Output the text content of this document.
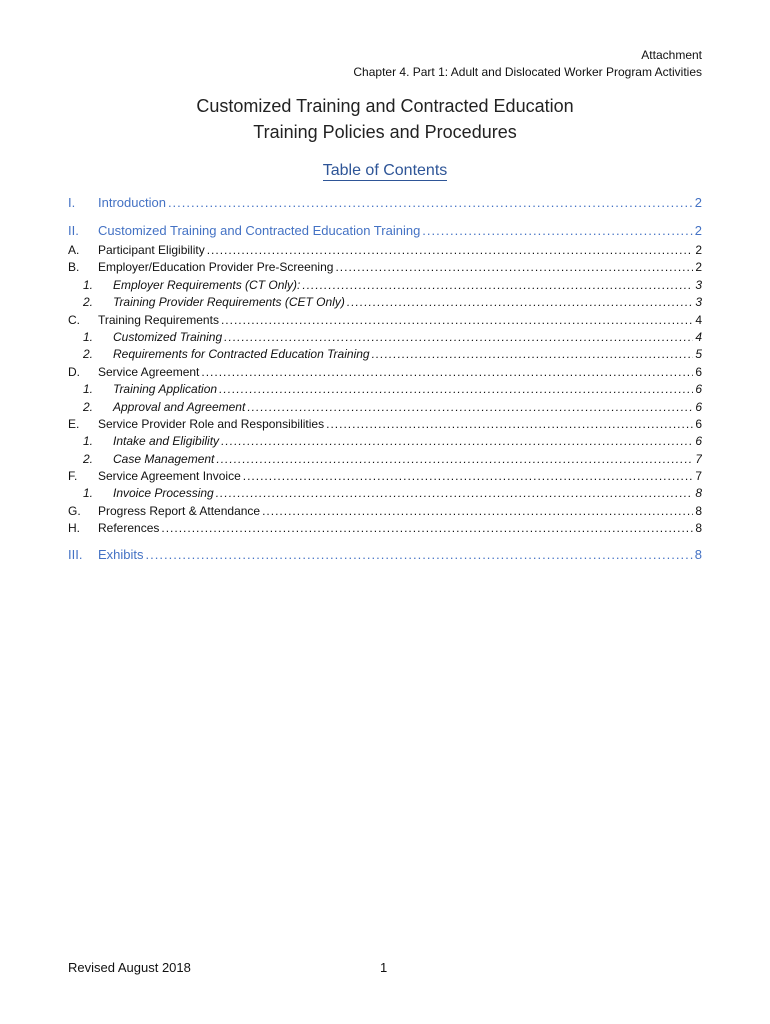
Attachment
Chapter 4. Part 1: Adult and Dislocated Worker Program Activities
Customized Training and Contracted Education
Training Policies and Procedures
Table of Contents
I.	Introduction .....	2
II.	Customized Training and Contracted Education Training .....	2
A.	Participant Eligibility .....	2
B.	Employer/Education Provider Pre-Screening .....	2
1.	Employer Requirements (CT Only): .....	3
2.	Training Provider Requirements (CET Only) .....	3
C.	Training Requirements .....	4
1.	Customized Training .....	4
2.	Requirements for Contracted Education Training .....	5
D.	Service Agreement .....	6
1.	Training Application .....	6
2.	Approval and Agreement .....	6
E.	Service Provider Role and Responsibilities .....	6
1.	Intake and Eligibility .....	6
2.	Case Management .....	7
F.	Service Agreement Invoice .....	7
1.	Invoice Processing .....	8
G.	Progress Report & Attendance .....	8
H.	References .....	8
III.	Exhibits .....	8
Revised August 2018	1
